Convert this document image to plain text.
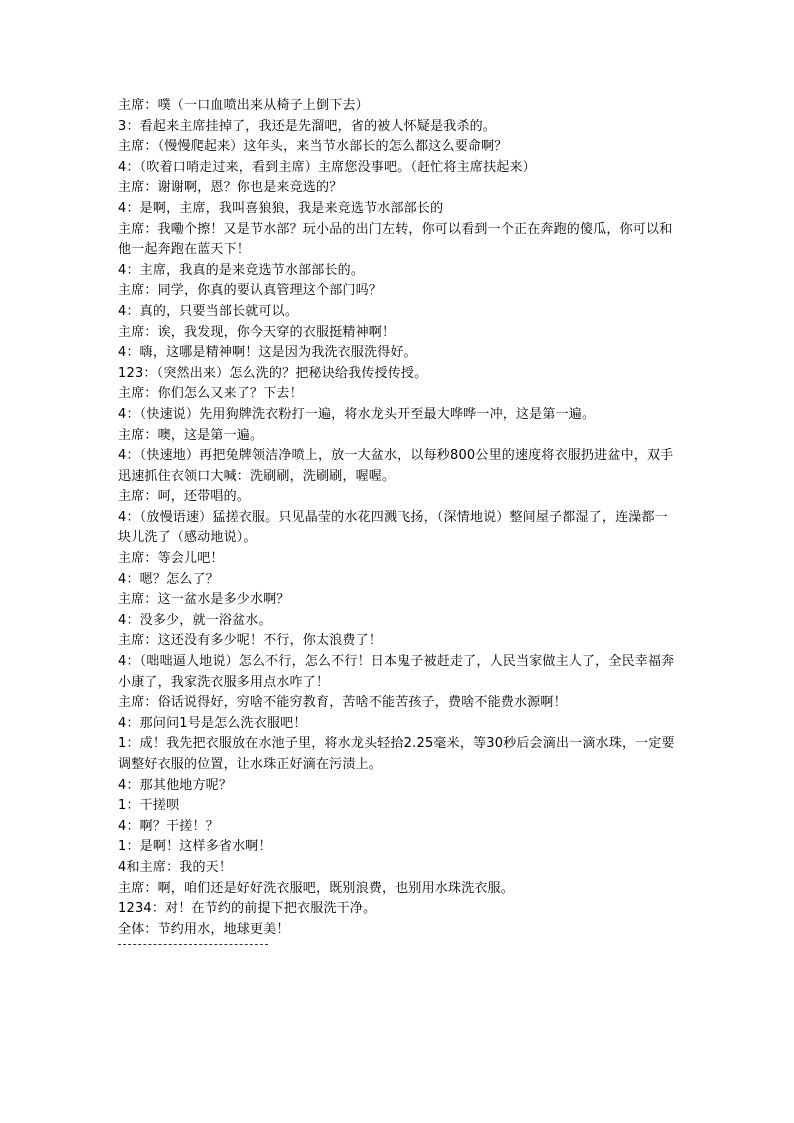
主席：噗（一口血喷出来从椅子上倒下去）

3：看起来主席挂掉了，我还是先溜吧，省的被人怀疑是我杀的。

主席：（慢慢爬起来）这年头，来当节水部长的怎么都这么要命啊？

4：（吹着口哨走过来，看到主席）主席您没事吧。（赶忙将主席扶起来）

主席：谢谢啊，恩？你也是来竞选的？

4：是啊，主席，我叫喜狼狼，我是来竞选节水部部长的

主席：我嘞个擦！又是节水部？玩小品的出门左转，你可以看到一个正在奔跑的傻瓜，你可以和他一起奔跑在蓝天下！

4：主席，我真的是来竞选节水部部长的。

主席：同学，你真的要认真管理这个部门吗？

4：真的，只要当部长就可以。

主席：诶，我发现，你今天穿的衣服挺精神啊！

4：嗨，这哪是精神啊！这是因为我洗衣服洗得好。

123：（突然出来）怎么洗的？把秘诀给我传授传授。

主席：你们怎么又来了？下去！

4：（快速说）先用狗牌洗衣粉打一遍，将水龙头开至最大哗哗一冲，这是第一遍。

主席：噢，这是第一遍。

4：（快速地）再把兔牌领洁净喷上，放一大盆水，以每秒800公里的速度将衣服扔进盆中，双手迅速抓住衣领口大喊：洗刷刷，洗刷刷，喔喔。

主席：呵，还带唱的。

4：（放慢语速）猛搓衣服。只见晶莹的水花四溅飞扬，（深情地说）整间屋子都湿了，连澡都一块儿洗了（感动地说）。

主席：等会儿吧！

4：嗯？怎么了？

主席：这一盆水是多少水啊？

4：没多少，就一浴盆水。

主席：这还没有多少呢！不行，你太浪费了！

4：（咄咄逼人地说）怎么不行，怎么不行！日本鬼子被赶走了，人民当家做主人了，全民幸福奔小康了，我家洗衣服多用点水咋了！

主席：俗话说得好，穷啥不能穷教育，苦啥不能苦孩子，费啥不能费水源啊！

4：那问问1号是怎么洗衣服吧！

1：成！我先把衣服放在水池子里，将水龙头轻拾2.25毫米，等30秒后会滴出一滴水珠，一定要调整好衣服的位置，让水珠正好滴在污渍上。

4：那其他地方呢？

1：干搓呗

4：啊？干搓！？

1：是啊！这样多省水啊！

4和主席：我的天！

主席：啊，咱们还是好好洗衣服吧，既别浪费，也别用水珠洗衣服。

1234：对！在节约的前提下把衣服洗干净。

全体：节约用水，地球更美！
